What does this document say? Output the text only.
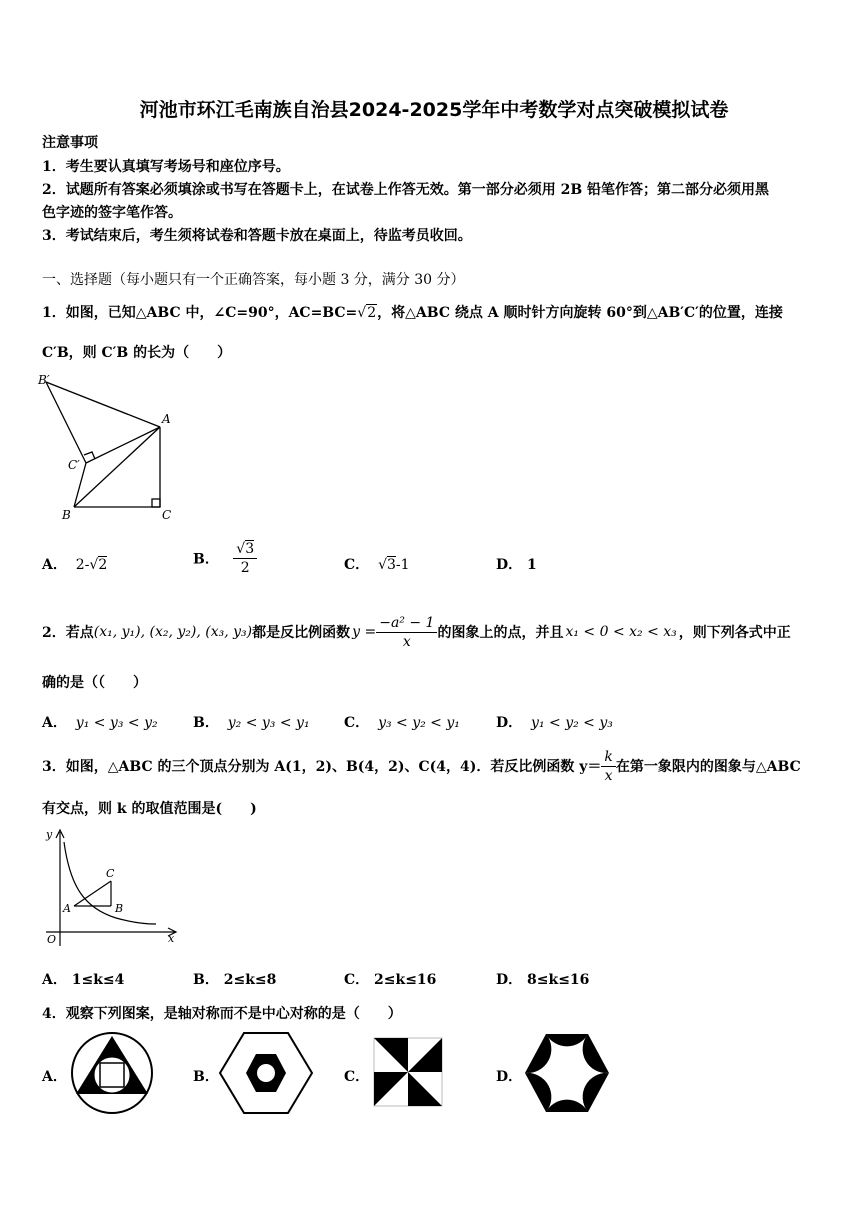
河池市环江毛南族自治县2024-2025学年中考数学对点突破模拟试卷
注意事项
1．考生要认真填写考场号和座位序号。
2．试题所有答案必须填涂或书写在答题卡上，在试卷上作答无效。第一部分必须用 2B 铅笔作答；第二部分必须用黑
色字迹的签字笔作答。
3．考试结束后，考生须将试卷和答题卡放在桌面上，待监考员收回。
一、选择题（每小题只有一个正确答案，每小题 3 分，满分 30 分）
1．如图，已知△ABC 中，∠C=90°，AC=BC=√2，将△ABC 绕点 A 顺时针方向旋转 60°到△AB′C′的位置，连接
C′B，则 C′B 的长为（　　）
B′
A
C′
B	C
A． 2-√2	B． $\frac{√3}{2}$	C． √3-1	D． 1
2．若点 (x₁, y₁), (x₂, y₂), (x₃, y₃) 都是反比例函数 $y = \frac{\text{−a² − 1}}{x}$ 的图象上的点，并且 x₁ < 0 < x₂ < x₃ ，则下列各式中正
确的是（（　　）
A． y₁ < y₃ < y₂	B． y₂ < y₃ < y₁ C． y₃ < y₂ < y₁	D． y₁ < y₂ < y₃
3．如图，△ABC 的三个顶点分别为 A(1，2)、B(4，2)、C(4，4)．若反比例函数 $y= \frac{k}{x}$ 在第一象限内的图象与△ABC
有交点，则 k 的取值范围是(　　)
y
C
A	B
O	x
A． 1≤k≤4	B． 2≤k≤8	C． 2≤k≤16	D． 8≤k≤16
4．观察下列图案，是轴对称而不是中心对称的是（　　）
A．	B．	C．	D．
